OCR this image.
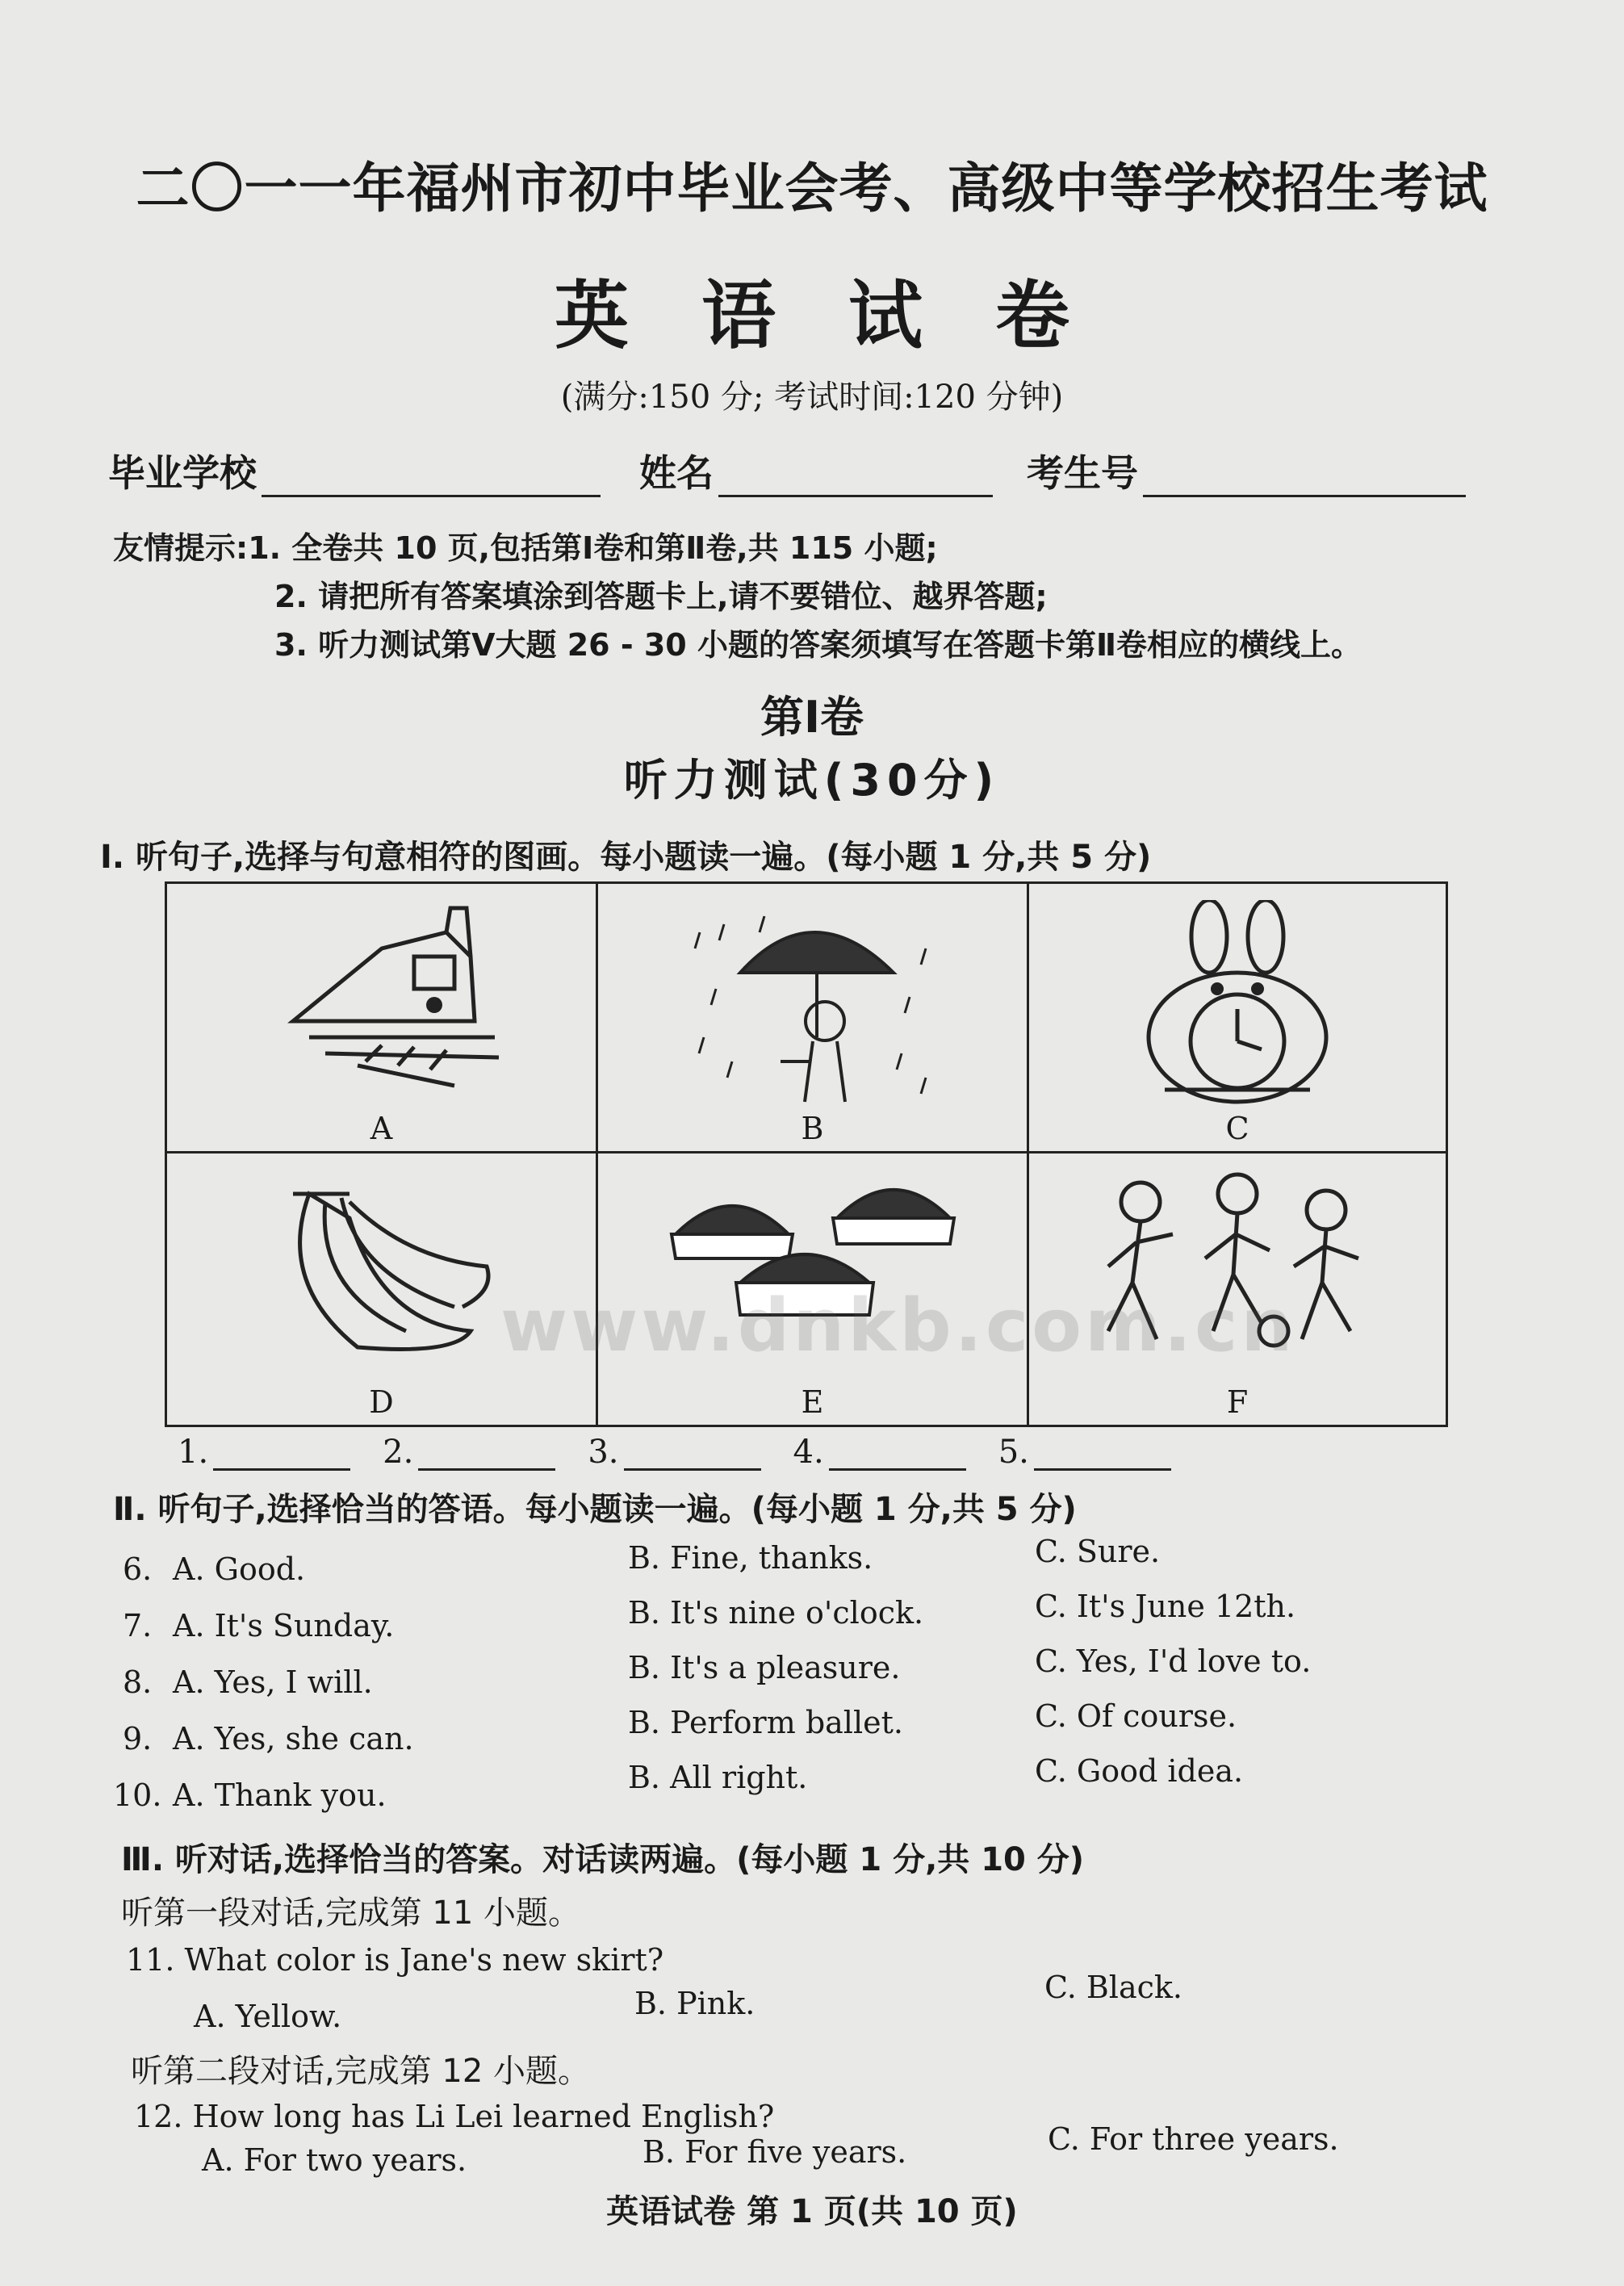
二〇一一年福州市初中毕业会考、高级中等学校招生考试
英语试卷
(满分:150 分; 考试时间:120 分钟)
毕业学校	姓名	考生号
友情提示:1. 全卷共 10 页,包括第Ⅰ卷和第Ⅱ卷,共 115 小题;
2. 请把所有答案填涂到答题卡上,请不要错位、越界答题;
3. 听力测试第Ⅴ大题 26 - 30 小题的答案须填写在答题卡第Ⅱ卷相应的横线上。
第Ⅰ卷
听力测试(30分)
Ⅰ. 听句子,选择与句意相符的图画。每小题读一遍。(每小题 1 分,共 5 分)
A	B	C
D	E	F
1.	2.	3.	4.	5.
Ⅱ. 听句子,选择恰当的答语。每小题读一遍。(每小题 1 分,共 5 分)
6. A. Good.	B. Fine, thanks.	C. Sure.
7. A. It's Sunday.	B. It's nine o'clock.	C. It's June 12th.
8. A. Yes, I will.	B. It's a pleasure.	C. Yes, I'd love to.
9. A. Yes, she can.	B. Perform ballet.	C. Of course.
10. A. Thank you.	B. All right.	C. Good idea.
Ⅲ. 听对话,选择恰当的答案。对话读两遍。(每小题 1 分,共 10 分)
听第一段对话,完成第 11 小题。
11. What color is Jane's new skirt?
A. Yellow.	B. Pink.	C. Black.
听第二段对话,完成第 12 小题。
12. How long has Li Lei learned English?
A. For two years.	B. For five years.	C. For three years.
www.dnkb.com.cn
英语试卷 第 1 页(共 10 页)
